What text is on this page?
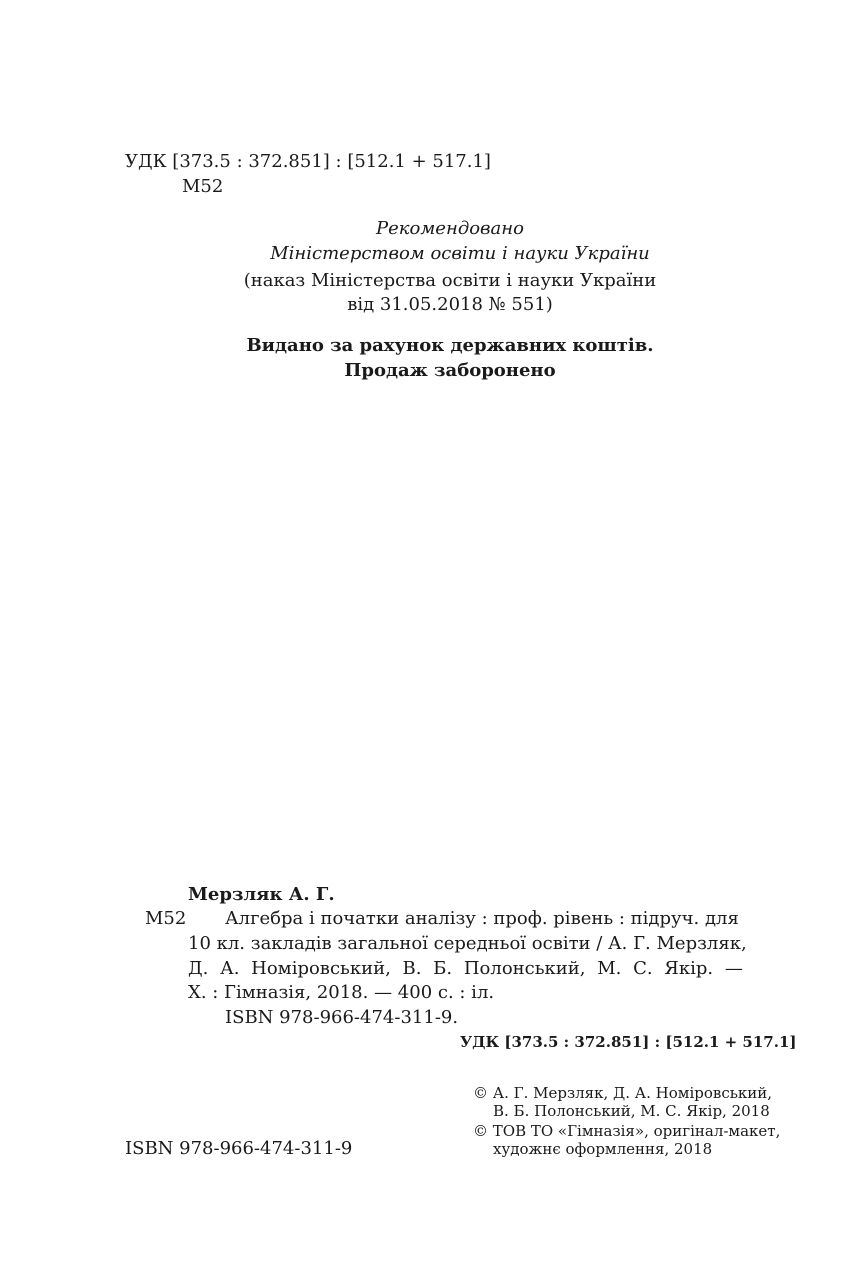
УДК [373.5 : 372.851] : [512.1 + 517.1]

М52

Рекомендовано
Міністерством освіти і науки України
(наказ Міністерства освіти і науки України
від 31.05.2018 № 551)
Видано за рахунок державних коштів.
Продаж заборонено

Мерзляк А. Г.

М52 Алгебра і початки аналізу : проф. рівень : підруч. для

10 кл. закладів загальної середньої освіти / А. Г. Мерзляк,

Д. А. Номіровський, В. Б. Полонський, М. С. Якір. —

Х. : Гімназія, 2018. — 400 с. : іл.

ISBN 978-966-474-311-9.

УДК [373.5 : 372.851] : [512.1 + 517.1]

ISBN 978-966-474-311-9

© А. Г. Мерзляк, Д. А. Номіровський,

В. Б. Полонський, М. С. Якір, 2018

© ТОВ ТО «Гімназія», оригінал-макет,

художнє оформлення, 2018
